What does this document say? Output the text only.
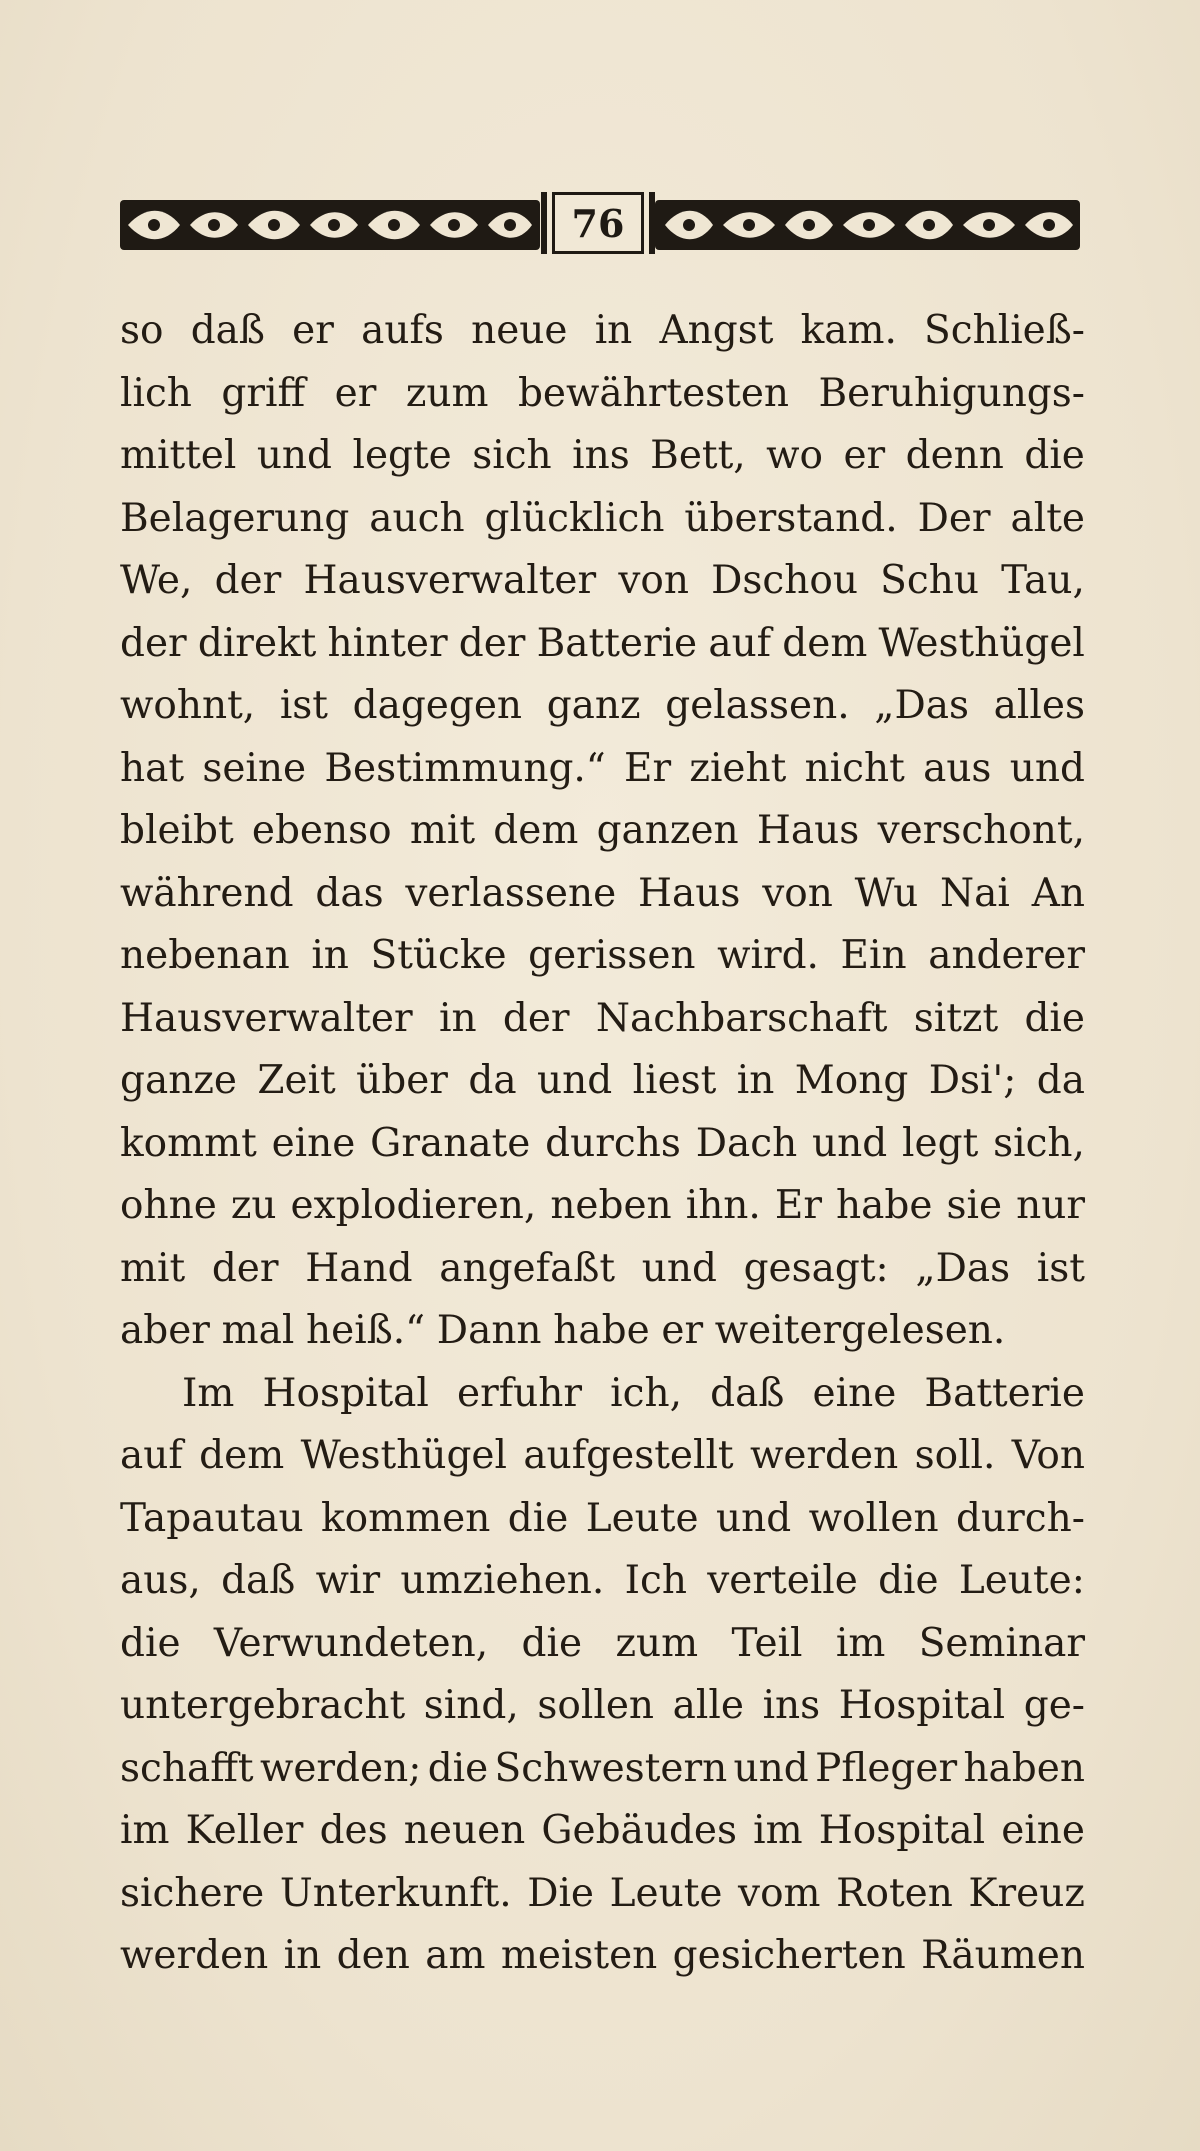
76
so daß er aufs neue in Angst kam. Schließ-
lich griff er zum bewährtesten Beruhigungs-
mittel und legte sich ins Bett, wo er denn die
Belagerung auch glücklich überstand. Der alte
We, der Hausverwalter von Dschou Schu Tau,
der direkt hinter der Batterie auf dem Westhügel
wohnt, ist dagegen ganz gelassen. „Das alles
hat seine Bestimmung.“ Er zieht nicht aus und
bleibt ebenso mit dem ganzen Haus verschont,
während das verlassene Haus von Wu Nai An
nebenan in Stücke gerissen wird. Ein anderer
Hausverwalter in der Nachbarschaft sitzt die
ganze Zeit über da und liest in Mong Dsi'; da
kommt eine Granate durchs Dach und legt sich,
ohne zu explodieren, neben ihn. Er habe sie nur
mit der Hand angefaßt und gesagt: „Das ist
aber mal heiß.“ Dann habe er weitergelesen.
Im Hospital erfuhr ich, daß eine Batterie
auf dem Westhügel aufgestellt werden soll. Von
Tapautau kommen die Leute und wollen durch-
aus, daß wir umziehen. Ich verteile die Leute:
die Verwundeten, die zum Teil im Seminar
untergebracht sind, sollen alle ins Hospital ge-
schafft werden; die Schwestern und Pfleger haben
im Keller des neuen Gebäudes im Hospital eine
sichere Unterkunft. Die Leute vom Roten Kreuz
werden in den am meisten gesicherten Räumen
